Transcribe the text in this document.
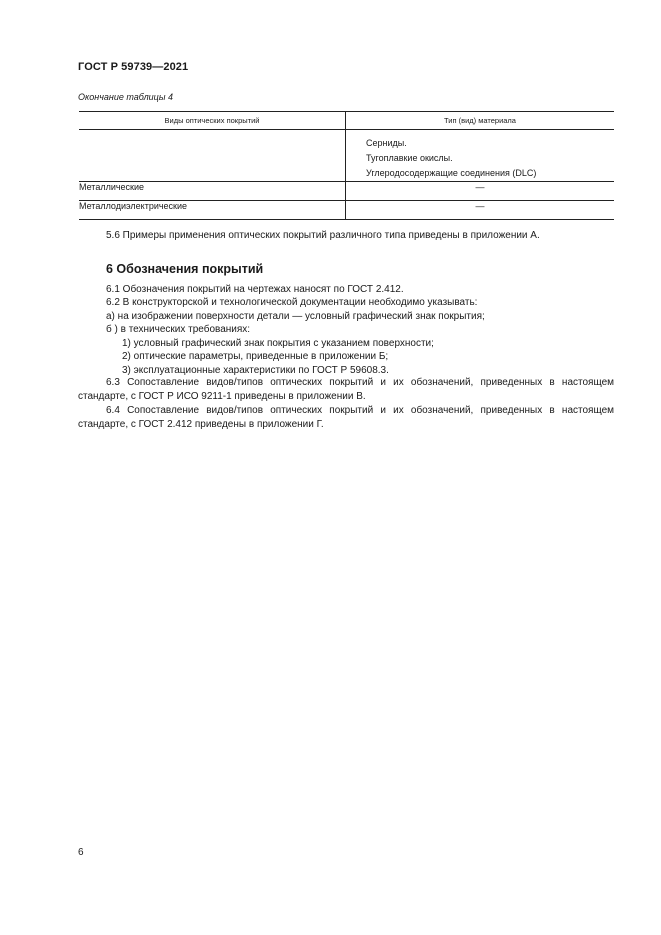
ГОСТ Р 59739—2021
Окончание таблицы 4
Виды оптических покрытий	Тип (вид) материала

	Серниды.
Тугоплавкие окислы.
Углеродосодержащие соединения (DLC)

Металлические	—
Металлодиэлектрические	—
5.6 Примеры применения оптических покрытий различного типа приведены в приложении А.
6 Обозначения покрытий
6.1 Обозначения покрытий на чертежах наносят по ГОСТ 2.412.
6.2 В конструкторской и технологической документации необходимо указывать:
а) на изображении поверхности детали — условный графический знак покрытия;
б ) в технических требованиях:
1) условный графический знак покрытия с указанием поверхности;
2) оптические параметры, приведенные в приложении Б;
3) эксплуатационные характеристики по ГОСТ Р 59608.3.
6.3 Сопоставление видов/типов оптических покрытий и их обозначений, приведенных в настоящем стандарте, с ГОСТ Р ИСО 9211-1 приведены в приложении В.
6.4 Сопоставление видов/типов оптических покрытий и их обозначений, приведенных в настоящем стандарте, с ГОСТ 2.412 приведены в приложении Г.
6
